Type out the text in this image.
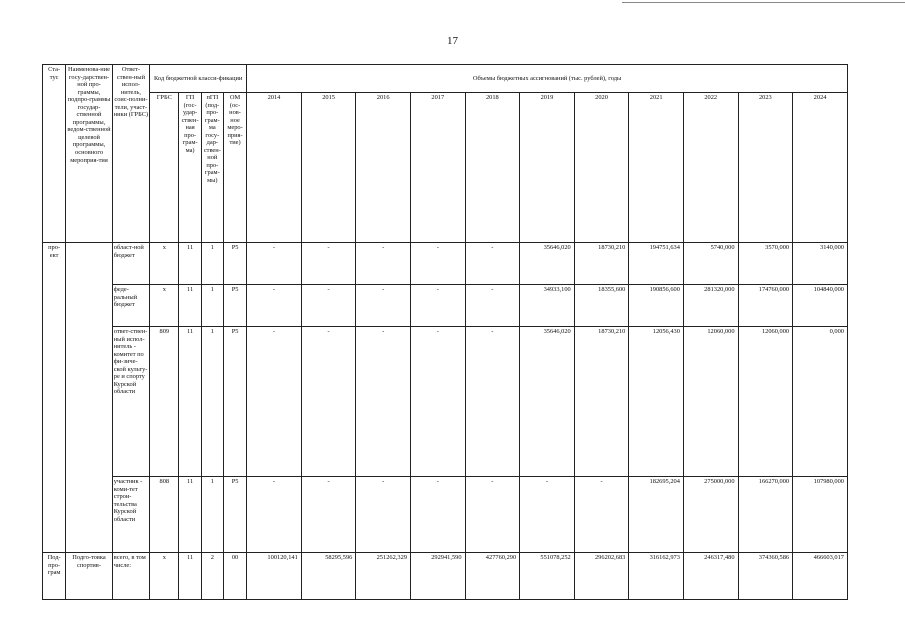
17
Ста-тус	Наименова-ние госу-дарствен-ной про-граммы, подпро-граммы государ-ственной программы, ведом-ственной целевой программы, основного мероприя-тия	Ответ-ствен-ный испол-нитель, соис-полни-тели, участ-ники (ГРБС)	Код бюджетной класси-фикации				Объемы бюджетных ассигнований (тыс. рублей), годы										
			ГРБС	ГП (гос-удар-ствен-ная про-грам-ма)	пГП (под-про-грам-ма госу-дар-ствен-ной про-грам-мы)	ОМ (ос-нов-ное меро-прия-тие)	2014	2015	2016	2017	2018	2019	2020	2021	2022	2023	2024
про-ект		област-ной бюджет	x	11	1	P5	-	-	-	-	-	35646,020	18730,210	194751,634	5740,000	3570,000	3140,000
		феде-ральный бюджет	x	11	1	P5	-	-	-	-	-	34933,100	18355,600	190856,600	281320,000	174760,000	104840,000
		ответ-ствен-ный испол-нитель - комитет по фи-зиче-ской культу-ре и спорту Курской области	809	11	1	P5	-	-	-	-	-	35646,020	18730,210	12056,430	12060,000	12060,000	0,000
		участник - коми-тет строи-тельства Курской области	808	11	1	P5	-	-	-	-	-	-	-	182695,204	275000,000	166270,000	107980,000
Под-про-грам	Подго-товка спортив-	всего, в том числе:	x	11	2	00	100120,141	58295,596	251262,329	292941,590	427760,290	551078,252	296202,683	316162,973	246317,480	374360,586	466603,017
